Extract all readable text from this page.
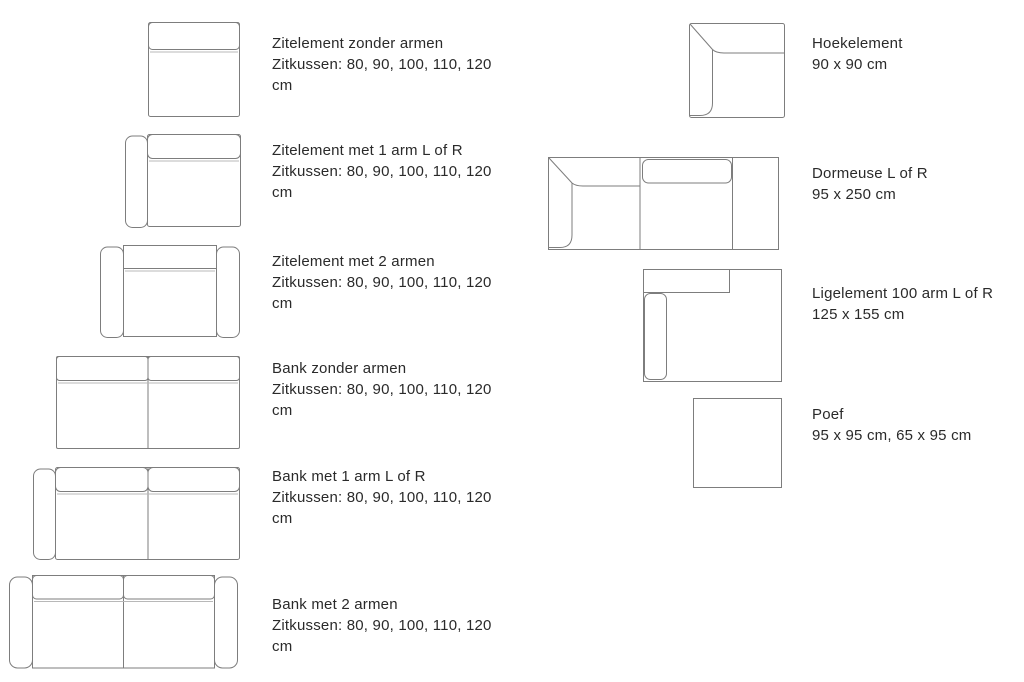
Zitelement zonder armen
Zitkussen: 80, 90, 100, 110, 120
cm
Zitelement met 1 arm L of R
Zitkussen: 80, 90, 100, 110, 120
cm
Zitelement met 2 armen
Zitkussen: 80, 90, 100, 110, 120
cm
Bank zonder armen
Zitkussen: 80, 90, 100, 110, 120
cm
Bank met 1 arm L of R
Zitkussen: 80, 90, 100, 110, 120
cm
Bank met 2 armen
Zitkussen: 80, 90, 100, 110, 120
cm
Hoekelement
90 x 90 cm
Dormeuse L of R
95 x 250 cm
Ligelement 100 arm L of R
125 x 155 cm
Poef
95 x 95 cm, 65 x 95 cm
